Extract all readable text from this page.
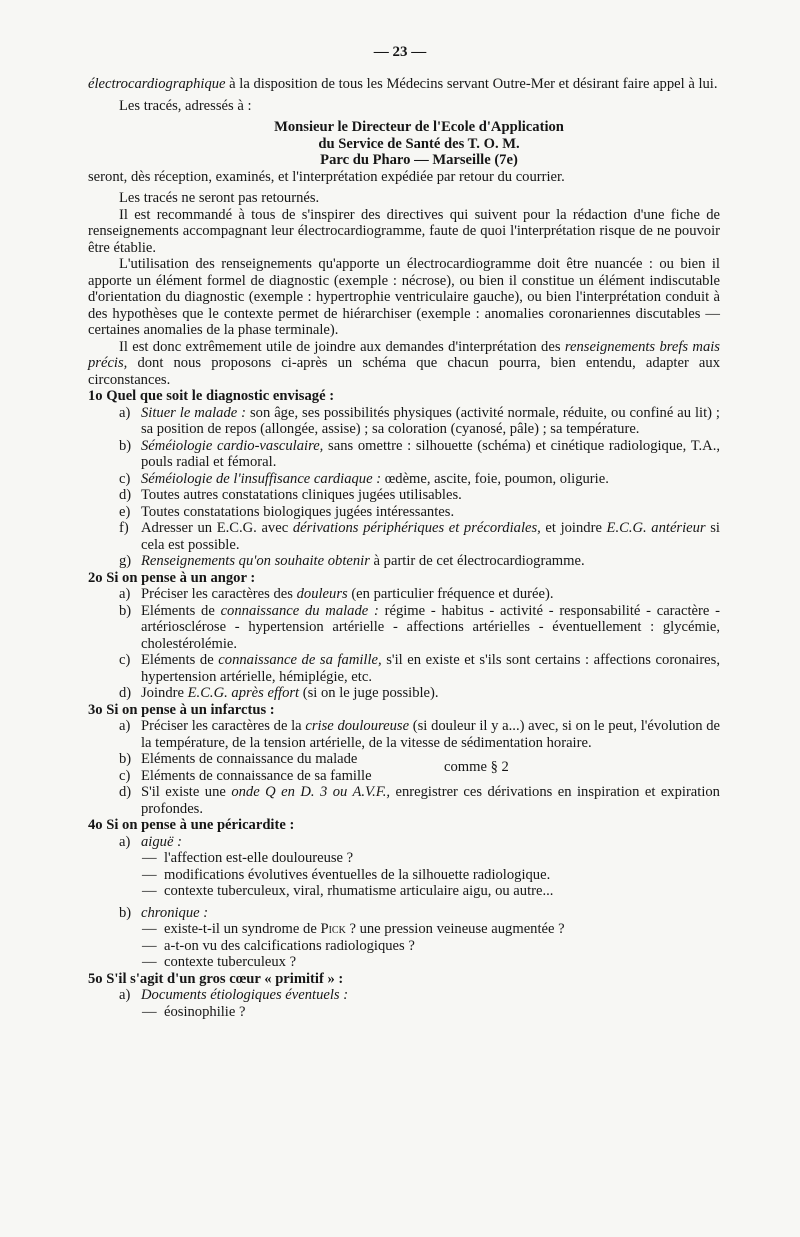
— 23 —

électrocardiographique à la disposition de tous les Médecins servant Outre-Mer et désirant faire appel à lui.

Les tracés, adressés à :

Monsieur le Directeur de l'Ecole d'Application

du Service de Santé des T. O. M.

Parc du Pharo — Marseille (7e)

seront, dès réception, examinés, et l'interprétation expédiée par retour du courrier.

Les tracés ne seront pas retournés.

Il est recommandé à tous de s'inspirer des directives qui suivent pour la rédaction d'une fiche de renseignements accompagnant leur électrocardiogramme, faute de quoi l'interprétation risque de ne pouvoir être établie.

L'utilisation des renseignements qu'apporte un électrocardiogramme doit être nuancée : ou bien il apporte un élément formel de diagnostic (exemple : nécrose), ou bien il constitue un élément indiscutable d'orientation du diagnostic (exemple : hypertrophie ventriculaire gauche), ou bien l'interprétation conduit à des hypothèses que le contexte permet de hiérarchiser (exemple : anomalies coronariennes discutables — certaines anomalies de la phase terminale).

Il est donc extrêmement utile de joindre aux demandes d'interprétation des renseignements brefs mais précis, dont nous proposons ci-après un schéma que chacun pourra, bien entendu, adapter aux circonstances.

1o Quel que soit le diagnostic envisagé :

a) Situer le malade : son âge, ses possibilités physiques (activité normale, réduite, ou confiné au lit) ; sa position de repos (allongée, assise) ; sa coloration (cyanosé, pâle) ; sa température.
b) Séméiologie cardio-vasculaire, sans omettre : silhouette (schéma) et cinétique radiologique, T.A., pouls radial et fémoral.
c) Séméiologie de l'insuffisance cardiaque : œdème, ascite, foie, poumon, oligurie.
d) Toutes autres constatations cliniques jugées utilisables.
e) Toutes constatations biologiques jugées intéressantes.
f) Adresser un E.C.G. avec dérivations périphériques et précordiales, et joindre E.C.G. antérieur si cela est possible.
g) Renseignements qu'on souhaite obtenir à partir de cet électrocardiogramme.

2o Si on pense à un angor :

a) Préciser les caractères des douleurs (en particulier fréquence et durée).
b) Eléments de connaissance du malade : régime - habitus - activité - responsabilité - caractère - artériosclérose - hypertension artérielle - affections artérielles - éventuellement : glycémie, cholestérolémie.
c) Eléments de connaissance de sa famille, s'il en existe et s'ils sont certains : affections coronaires, hypertension artérielle, hémiplégie, etc.
d) Joindre E.C.G. après effort (si on le juge possible).

3o Si on pense à un infarctus :

a) Préciser les caractères de la crise douloureuse (si douleur il y a...) avec, si on le peut, l'évolution de la température, de la tension artérielle, de la vitesse de sédimentation horaire.
b) Eléments de connaissance du malade
c) Eléments de connaissance de sa famille
comme § 2
d) S'il existe une onde Q en D. 3 ou A.V.F., enregistrer ces dérivations en inspiration et expiration profondes.

4o Si on pense à une péricardite :

a) aiguë :
— l'affection est-elle douloureuse ?
— modifications évolutives éventuelles de la silhouette radiologique.
— contexte tuberculeux, viral, rhumatisme articulaire aigu, ou autre...
b) chronique :
— existe-t-il un syndrome de Pick ? une pression veineuse augmentée ?
— a-t-on vu des calcifications radiologiques ?
— contexte tuberculeux ?

5o S'il s'agit d'un gros cœur « primitif » :

a) Documents étiologiques éventuels :
— éosinophilie ?
